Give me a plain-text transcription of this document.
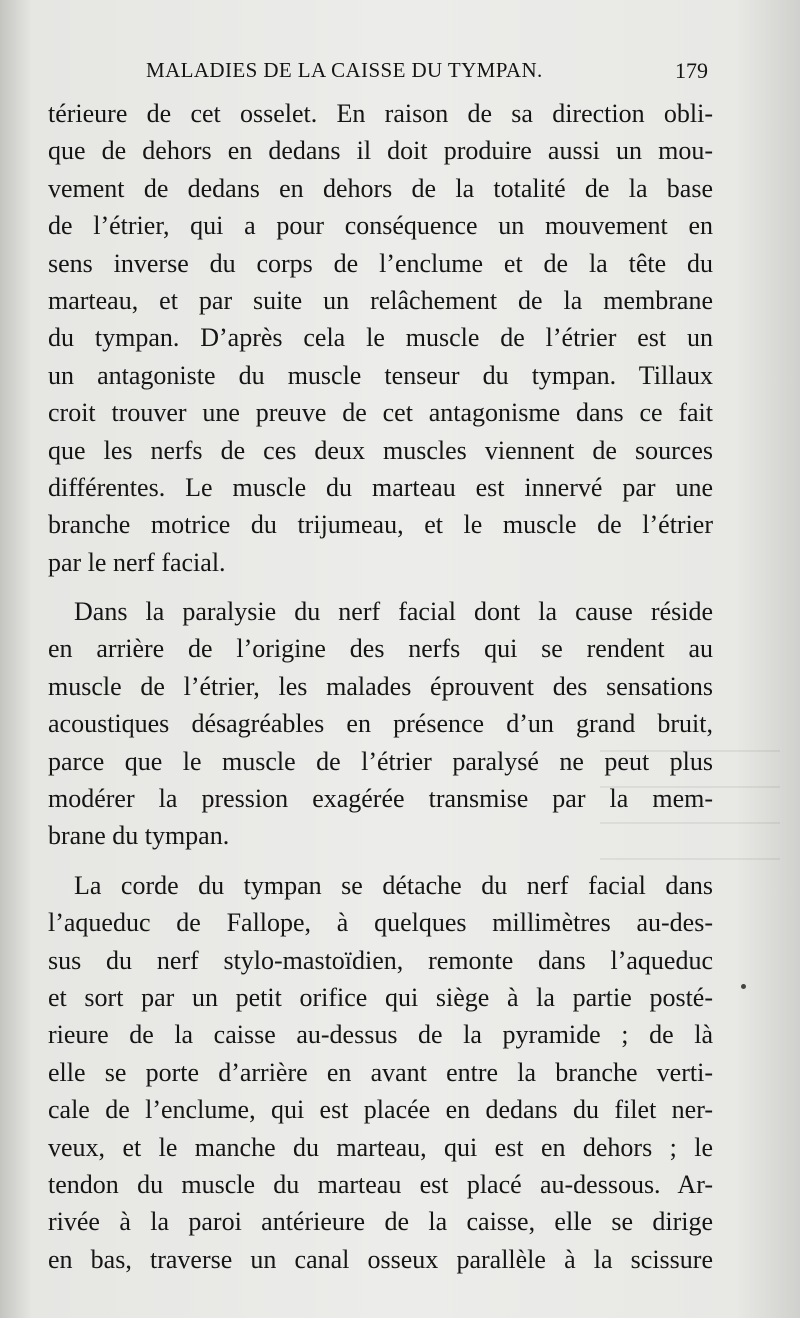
MALADIES DE LA CAISSE DU TYMPAN.	179
térieure de cet osselet. En raison de sa direction obli-
que de dehors en dedans il doit produire aussi un mou-
vement de dedans en dehors de la totalité de la base
de l’étrier, qui a pour conséquence un mouvement en
sens inverse du corps de l’enclume et de la tête du
marteau, et par suite un relâchement de la membrane
du tympan. D’après cela le muscle de l’étrier est un
un antagoniste du muscle tenseur du tympan. Tillaux
croit trouver une preuve de cet antagonisme dans ce fait
que les nerfs de ces deux muscles viennent de sources
différentes. Le muscle du marteau est innervé par une
branche motrice du trijumeau, et le muscle de l’étrier
par le nerf facial.
Dans la paralysie du nerf facial dont la cause réside
en arrière de l’origine des nerfs qui se rendent au
muscle de l’étrier, les malades éprouvent des sensations
acoustiques désagréables en présence d’un grand bruit,
parce que le muscle de l’étrier paralysé ne peut plus
modérer la pression exagérée transmise par la mem-
brane du tympan.
La corde du tympan se détache du nerf facial dans
l’aqueduc de Fallope, à quelques millimètres au-des-
sus du nerf stylo-mastoïdien, remonte dans l’aqueduc
et sort par un petit orifice qui siège à la partie posté-
rieure de la caisse au-dessus de la pyramide ; de là
elle se porte d’arrière en avant entre la branche verti-
cale de l’enclume, qui est placée en dedans du filet ner-
veux, et le manche du marteau, qui est en dehors ; le
tendon du muscle du marteau est placé au-dessous. Ar-
rivée à la paroi antérieure de la caisse, elle se dirige
en bas, traverse un canal osseux parallèle à la scissure
